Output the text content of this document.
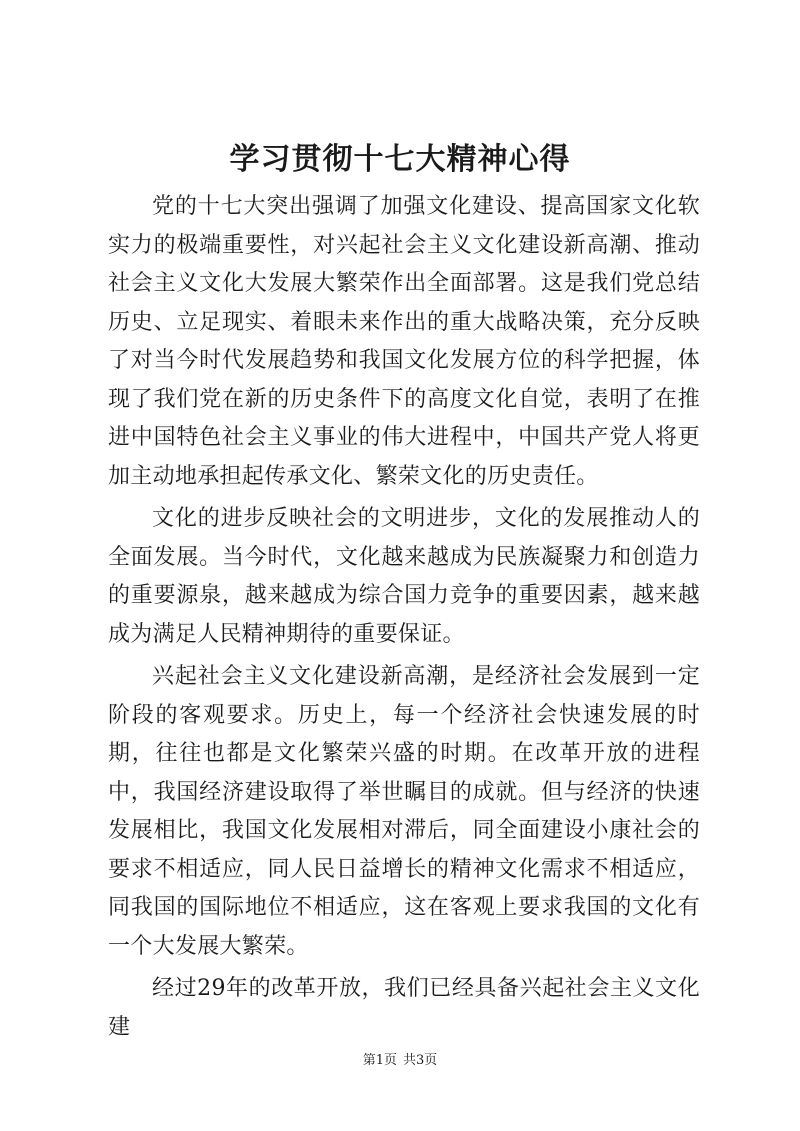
学习贯彻十七大精神心得

党的十七大突出强调了加强文化建设、提高国家文化软实力的极端重要性，对兴起社会主义文化建设新高潮、推动社会主义文化大发展大繁荣作出全面部署。这是我们党总结历史、立足现实、着眼未来作出的重大战略决策，充分反映了对当今时代发展趋势和我国文化发展方位的科学把握，体现了我们党在新的历史条件下的高度文化自觉，表明了在推进中国特色社会主义事业的伟大进程中，中国共产党人将更加主动地承担起传承文化、繁荣文化的历史责任。

文化的进步反映社会的文明进步，文化的发展推动人的全面发展。当今时代，文化越来越成为民族凝聚力和创造力的重要源泉，越来越成为综合国力竞争的重要因素，越来越成为满足人民精神期待的重要保证。

兴起社会主义文化建设新高潮，是经济社会发展到一定阶段的客观要求。历史上，每一个经济社会快速发展的时期，往往也都是文化繁荣兴盛的时期。在改革开放的进程中，我国经济建设取得了举世瞩目的成就。但与经济的快速发展相比，我国文化发展相对滞后，同全面建设小康社会的要求不相适应，同人民日益增长的精神文化需求不相适应，同我国的国际地位不相适应，这在客观上要求我国的文化有一个大发展大繁荣。

经过29年的改革开放，我们已经具备兴起社会主义文化建

第1页 共3页
